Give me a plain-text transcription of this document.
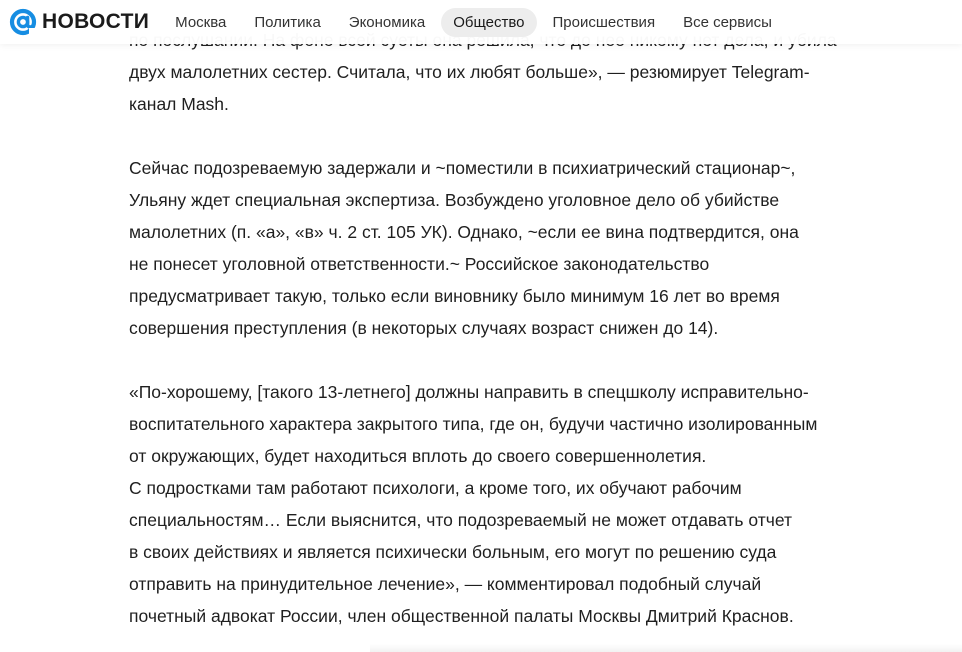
двух малолетних сестер. Считала, что их любят больше», — резюмирует Telegram-
канал Mash.
Сейчас подозреваемую задержали и ~поместили в психиатрический стационар~,
Ульяну ждет специальная экспертиза. Возбуждено уголовное дело об убийстве
малолетних (п. «а», «в» ч. 2 ст. 105 УК). Однако, ~если ее вина подтвердится, она
не понесет уголовной ответственности.~ Российское законодательство
предусматривает такую, только если виновнику было минимум 16 лет во время
совершения преступления (в некоторых случаях возраст снижен до 14).
«По-хорошему, [такого 13-летнего] должны направить в спецшколу исправительно-
воспитательного характера закрытого типа, где он, будучи частично изолированным
от окружающих, будет находиться вплоть до своего совершеннолетия.
С подростками там работают психологи, а кроме того, их обучают рабочим
специальностям… Если выяснится, что подозреваемый не может отдавать отчет
в своих действиях и является психически больным, его могут по решению суда
отправить на принудительное лечение», — комментировал подобный случай
почетный адвокат России, член общественной палаты Москвы Дмитрий Краснов.
НОВОСТИ	Москва	Политика	Экономика	Общество	Происшествия	Все сервисы
